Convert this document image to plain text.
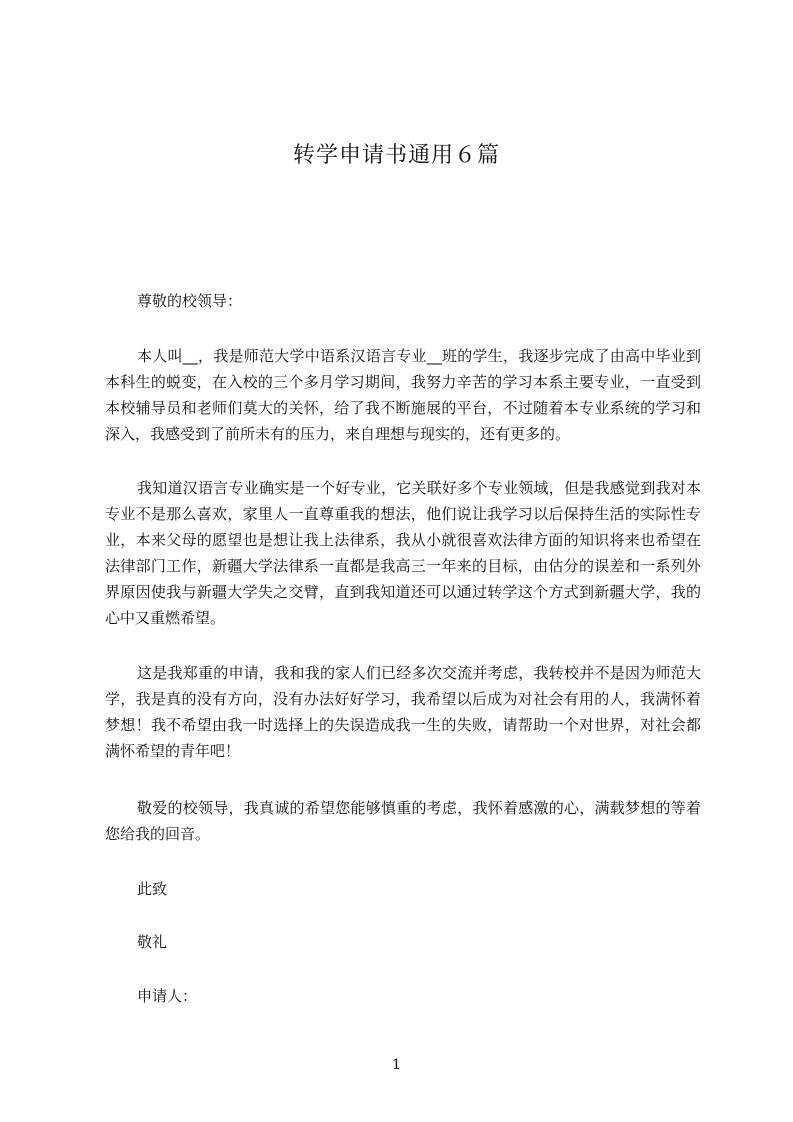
转学申请书通用６篇
尊敬的校领导：
本人叫__，我是师范大学中语系汉语言专业__班的学生，我逐步完成了由高中毕业到本科生的蜕变，在入校的三个多月学习期间，我努力辛苦的学习本系主要专业，一直受到本校辅导员和老师们莫大的关怀，给了我不断施展的平台，不过随着本专业系统的学习和深入，我感受到了前所未有的压力，来自理想与现实的，还有更多的。
我知道汉语言专业确实是一个好专业，它关联好多个专业领域，但是我感觉到我对本专业不是那么喜欢，家里人一直尊重我的想法，他们说让我学习以后保持生活的实际性专业，本来父母的愿望也是想让我上法律系，我从小就很喜欢法律方面的知识将来也希望在法律部门工作，新疆大学法律系一直都是我高三一年来的目标，由估分的误差和一系列外界原因使我与新疆大学失之交臂，直到我知道还可以通过转学这个方式到新疆大学，我的心中又重燃希望。
这是我郑重的申请，我和我的家人们已经多次交流并考虑，我转校并不是因为师范大学，我是真的没有方向，没有办法好好学习，我希望以后成为对社会有用的人，我满怀着梦想！我不希望由我一时选择上的失误造成我一生的失败，请帮助一个对世界，对社会都满怀希望的青年吧！
敬爱的校领导，我真诚的希望您能够慎重的考虑，我怀着感激的心，满载梦想的等着您给我的回音。
此致
敬礼
申请人：
1
